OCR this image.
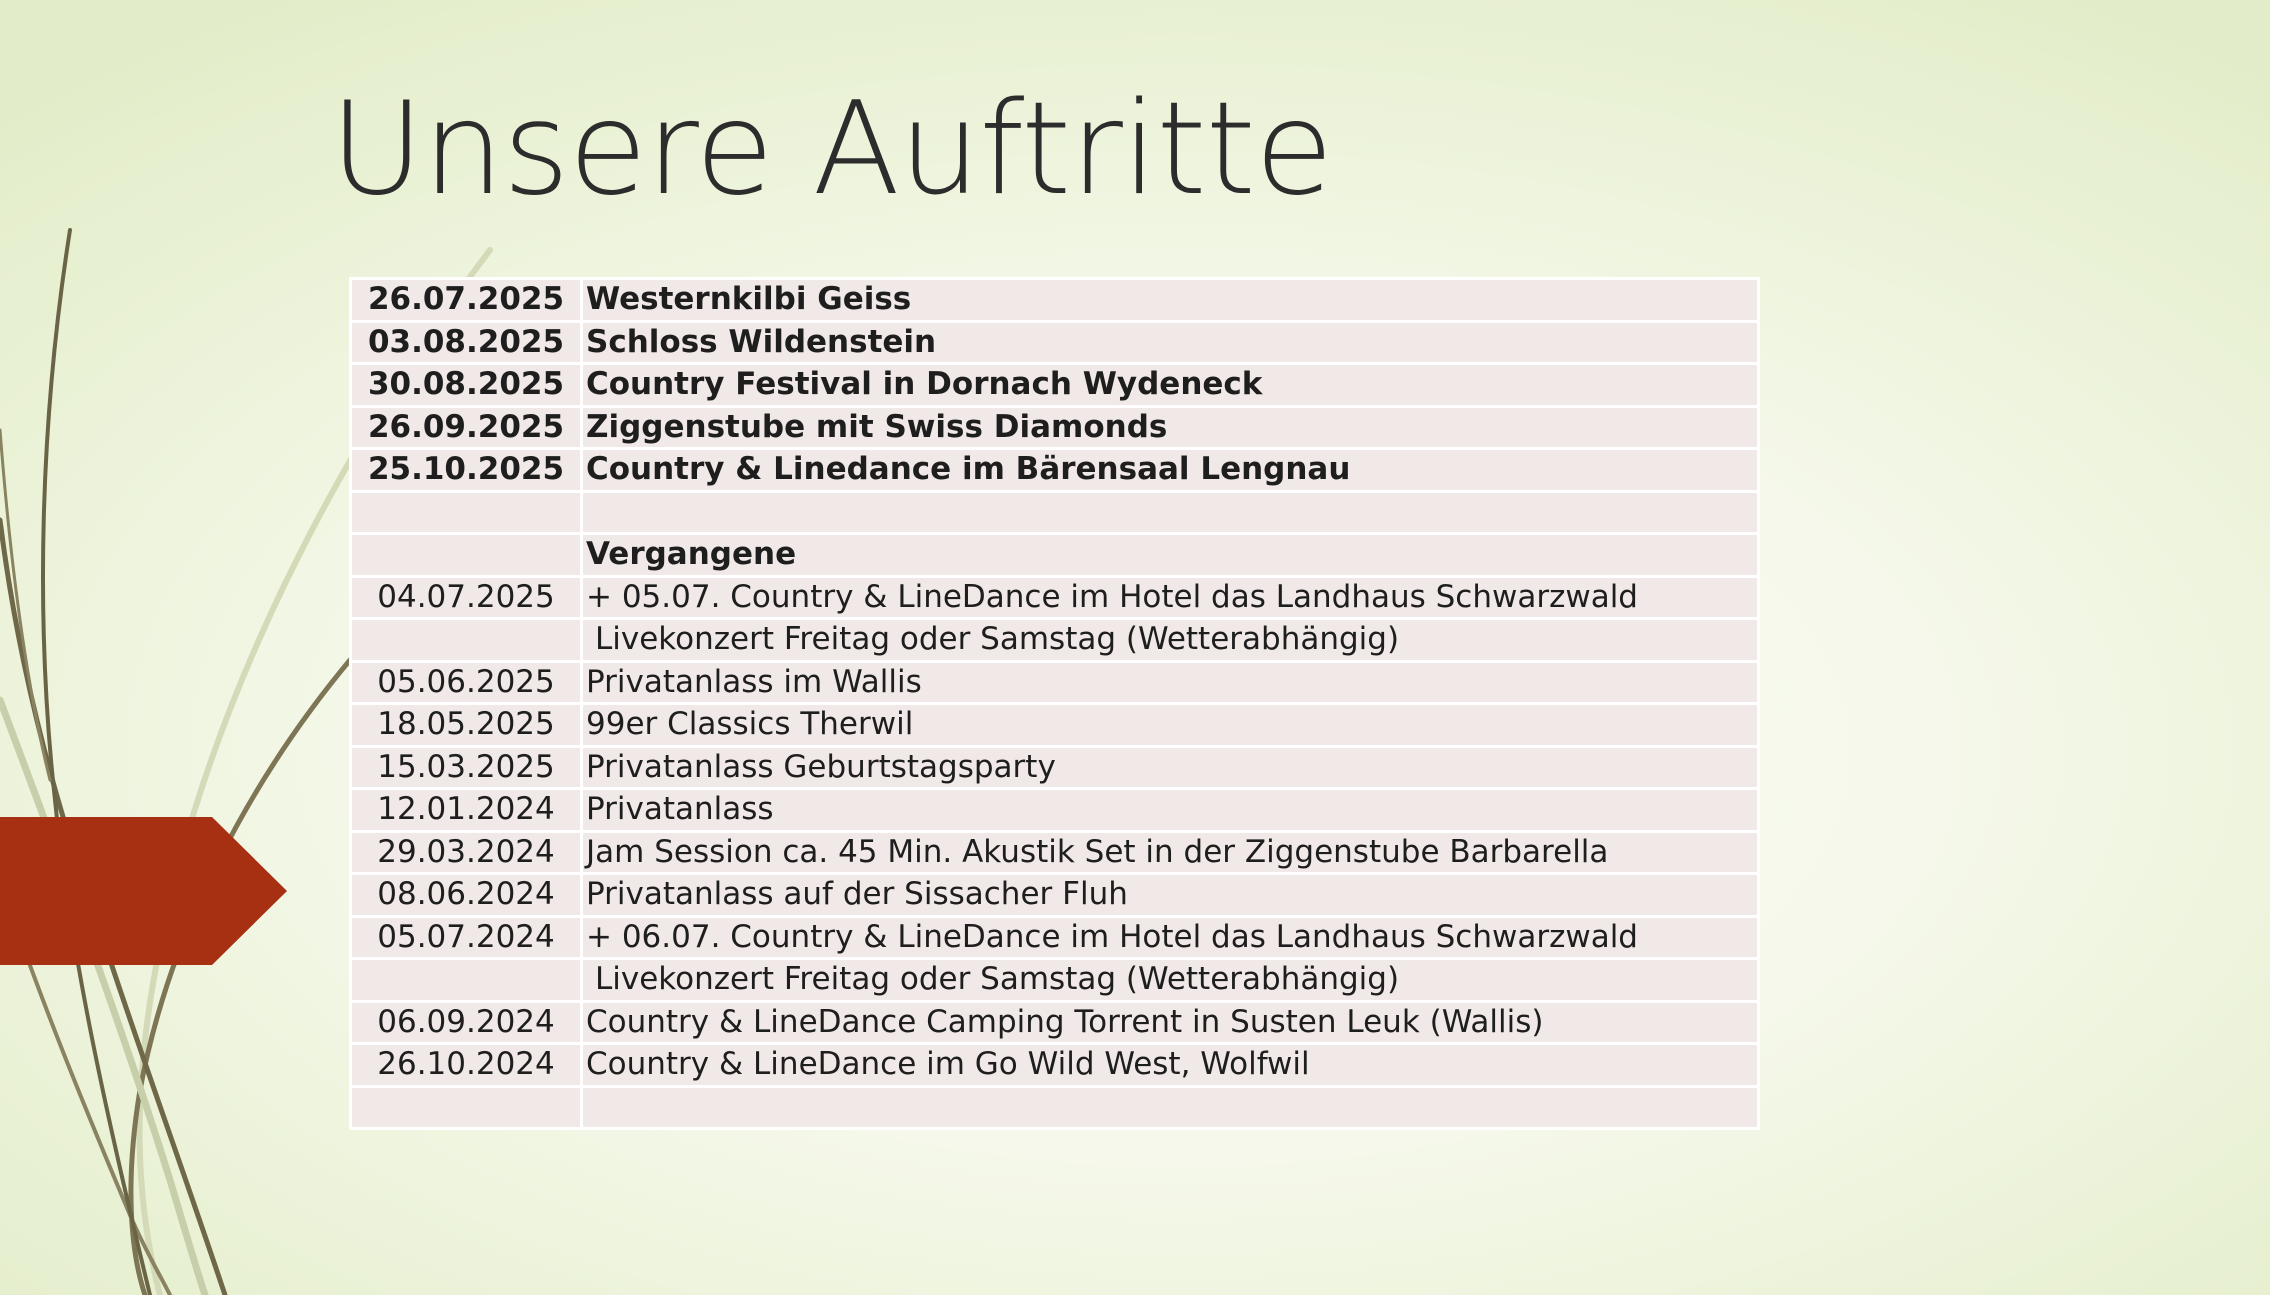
Unsere Auftritte
26.07.2025	Westernkilbi Geiss
03.08.2025	Schloss Wildenstein
30.08.2025	Country Festival in Dornach Wydeneck
26.09.2025	Ziggenstube mit Swiss Diamonds
25.10.2025	Country & Linedance im Bärensaal Lengnau

	Vergangene
04.07.2025	+ 05.07. Country & LineDance im Hotel das Landhaus Schwarzwald
	Livekonzert Freitag oder Samstag (Wetterabhängig)
05.06.2025	Privatanlass im Wallis
18.05.2025	99er Classics Therwil
15.03.2025	Privatanlass Geburtstagsparty
12.01.2024	Privatanlass
29.03.2024	Jam Session ca. 45 Min. Akustik Set in der Ziggenstube Barbarella
08.06.2024	Privatanlass auf der Sissacher Fluh
05.07.2024	+ 06.07. Country & LineDance im Hotel das Landhaus Schwarzwald
	Livekonzert Freitag oder Samstag (Wetterabhängig)
06.09.2024	Country & LineDance Camping Torrent in Susten Leuk (Wallis)
26.10.2024	Country & LineDance im Go Wild West, Wolfwil
